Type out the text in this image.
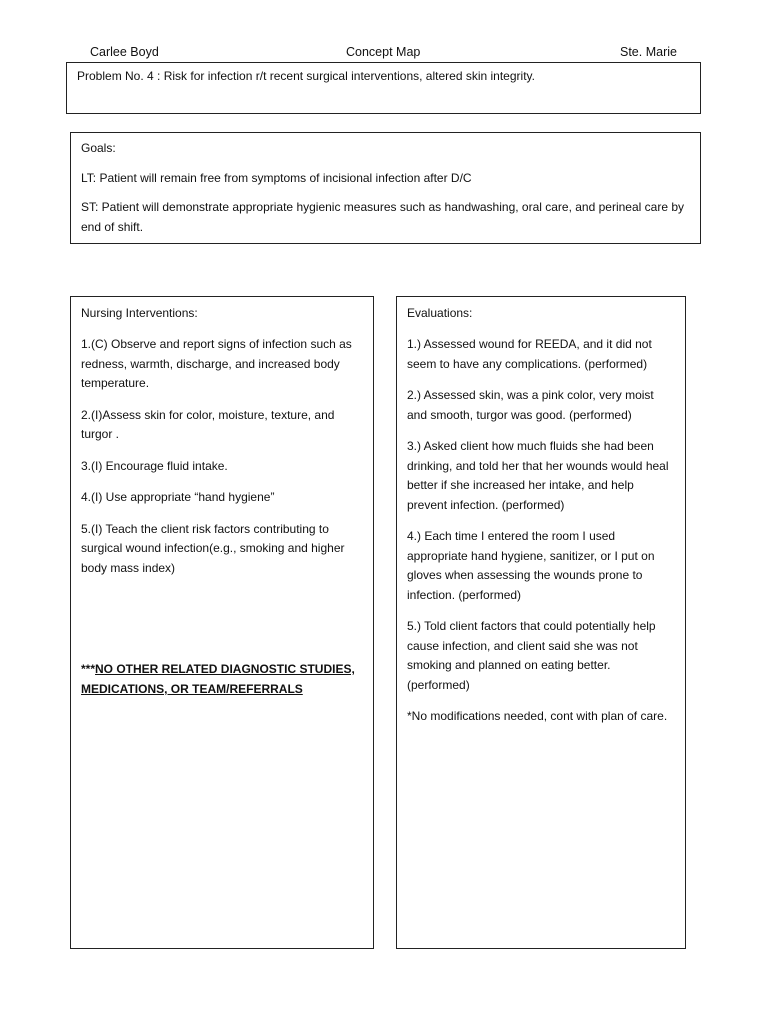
Carlee Boyd	Concept Map	Ste. Marie
Problem No. 4 : Risk for infection r/t recent surgical interventions, altered skin integrity.

Goals:

LT: Patient will remain free from symptoms of incisional infection after D/C

ST: Patient will demonstrate appropriate hygienic measures such as handwashing, oral care, and perineal care by end of shift.

Nursing Interventions:

1.(C) Observe and report signs of infection such as redness, warmth, discharge, and increased body temperature.

2.(I)Assess skin for color, moisture, texture, and turgor .

3.(I) Encourage fluid intake.

4.(I) Use appropriate “hand hygiene”

5.(I) Teach the client risk factors contributing to surgical wound infection(e.g., smoking and higher body mass index)

***NO OTHER RELATED DIAGNOSTIC STUDIES, MEDICATIONS, OR TEAM/REFERRALS

Evaluations:

1.) Assessed wound for REEDA, and it did not seem to have any complications. (performed)

2.) Assessed skin, was a pink color, very moist and smooth, turgor was good. (performed)

3.) Asked client how much fluids she had been drinking, and told her that her wounds would heal better if she increased her intake, and help prevent infection. (performed)

4.) Each time I entered the room I used appropriate hand hygiene, sanitizer, or I put on gloves when assessing the wounds prone to infection. (performed)

5.) Told client factors that could potentially help cause infection, and client said she was not smoking and planned on eating better. (performed)

*No modifications needed, cont with plan of care.
